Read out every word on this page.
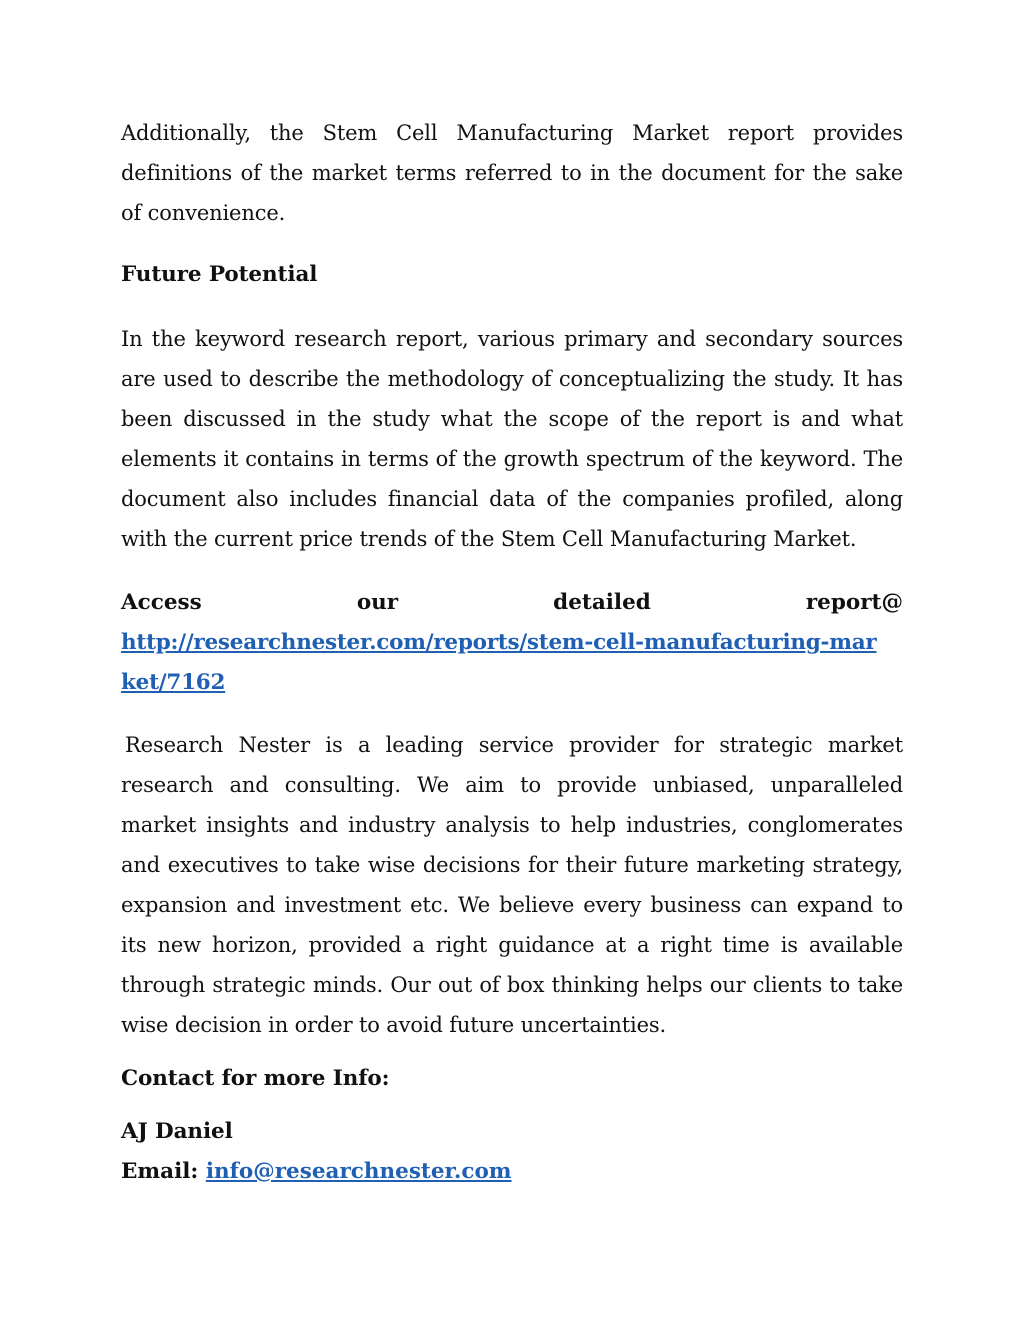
Additionally, the Stem Cell Manufacturing Market report provides definitions of the market terms referred to in the document for the sake of convenience.

Future Potential

In the keyword research report, various primary and secondary sources are used to describe the methodology of conceptualizing the study. It has been discussed in the study what the scope of the report is and what elements it contains in terms of the growth spectrum of the keyword. The document also includes financial data of the companies profiled, along with the current price trends of the Stem Cell Manufacturing Market.

Access	our	detailed	report@
http://researchnester.com/reports/stem-cell-manufacturing-market/7162

Research Nester is a leading service provider for strategic market research and consulting. We aim to provide unbiased, unparalleled market insights and industry analysis to help industries, conglomerates and executives to take wise decisions for their future marketing strategy, expansion and investment etc. We believe every business can expand to its new horizon, provided a right guidance at a right time is available through strategic minds. Our out of box thinking helps our clients to take wise decision in order to avoid future uncertainties.

Contact for more Info:
AJ Daniel
Email: info@researchnester.com
